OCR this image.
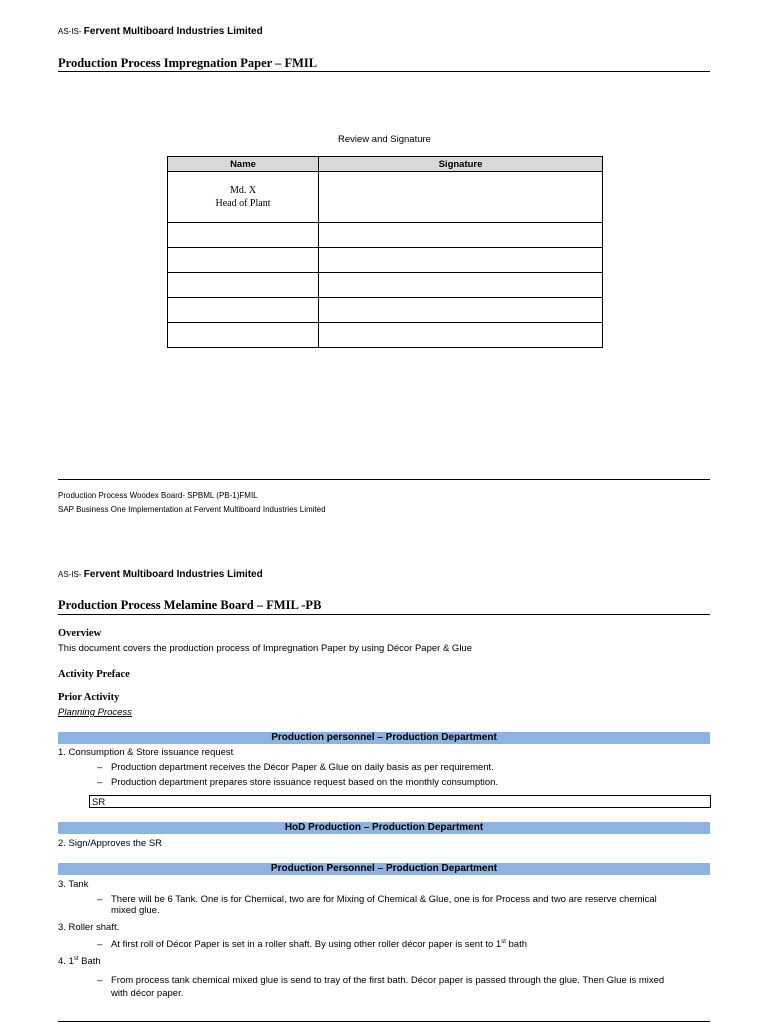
AS-IS- Fervent Multiboard Industries Limited
Production Process Impregnation Paper – FMIL
Review and Signature
Name	Signature

Md. X
Head of Plant	

Production Process Woodex Board- SPBML (PB-1)FMIL
SAP Business One Implementation at Fervent Multiboard Industries Limited
AS-IS- Fervent Multiboard Industries Limited
Production Process Melamine Board – FMIL -PB
Overview
This document covers the production process of Impregnation Paper by using Décor Paper & Glue
Activity Preface
Prior Activity
Planning Process
Production personnel – Production Department
1. Consumption & Store issuance request
– Production department receives the Décor Paper & Glue on daily basis as per requirement.
– Production department prepares store issuance request based on the monthly consumption.
SR
HoD Production – Production Department
2. Sign/Approves the SR
Production Personnel – Production Department
3. Tank
– There will be 6 Tank. One is for Chemical, two are for Mixing of Chemical & Glue, one is for Process and two are reserve chemical
mixed glue.
3. Roller shaft.
– At first roll of Décor Paper is set in a roller shaft. By using other roller décor paper is sent to 1st bath
4. 1st Bath
– From process tank chemical mixed glue is send to tray of the first bath. Décor paper is passed through the glue. Then Glue is mixed
with décor paper.
